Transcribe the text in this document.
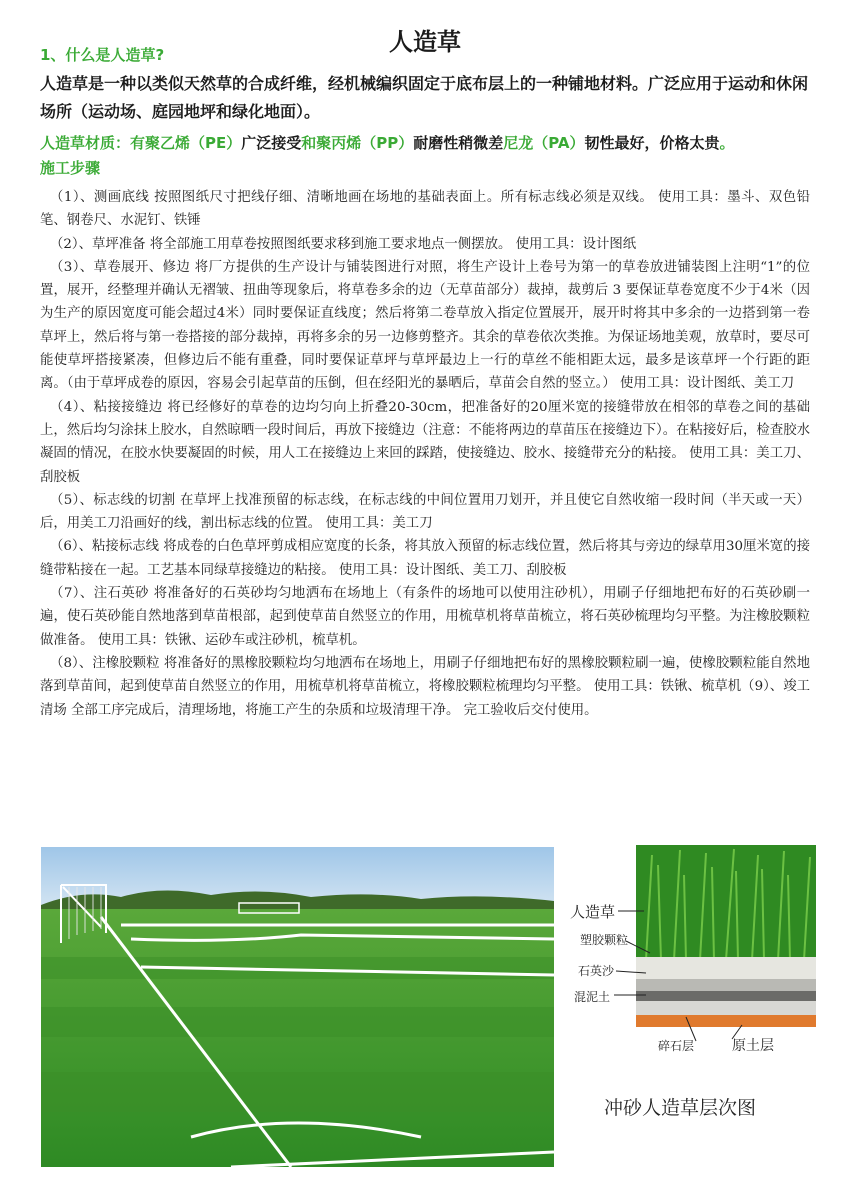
人造草
1、什么是人造草?
人造草是一种以类似天然草的合成纤维，经机械编织固定于底布层上的一种铺地材料。广泛应用于运动和休闲场所（运动场、庭园地坪和绿化地面）。
人造草材质：有聚乙烯（PE）广泛接受和聚丙烯（PP）耐磨性稍微差尼龙（PA）韧性最好，价格太贵。
施工步骤

（1）、测画底线 按照图纸尺寸把线仔细、清晰地画在场地的基础表面上。所有标志线必须是双线。 使用工具：墨斗、双色铅笔、钢卷尺、水泥钉、铁锤

（2）、草坪准备 将全部施工用草卷按照图纸要求移到施工要求地点一侧摆放。 使用工具：设计图纸

（3）、草卷展开、修边 将厂方提供的生产设计与铺装图进行对照，将生产设计上卷号为第一的草卷放进铺装图上注明“1”的位置，展开，经整理并确认无褶皱、扭曲等现象后，将草卷多余的边（无草苗部分）裁掉，裁剪后 3 要保证草卷宽度不少于4米（因为生产的原因宽度可能会超过4米）同时要保证直线度；然后将第二卷草放入指定位置展开，展开时将其中多余的一边搭到第一卷草坪上，然后将与第一卷搭接的部分裁掉，再将多余的另一边修剪整齐。其余的草卷依次类推。为保证场地美观，放草时，要尽可能使草坪搭接紧凑，但修边后不能有重叠，同时要保证草坪与草坪最边上一行的草丝不能相距太远，最多是该草坪一个行距的距离。（由于草坪成卷的原因，容易会引起草苗的压倒，但在经阳光的暴晒后，草苗会自然的竖立。） 使用工具：设计图纸、美工刀

（4）、粘接接缝边 将已经修好的草卷的边均匀向上折叠20-30cm，把准备好的20厘米宽的接缝带放在相邻的草卷之间的基础上，然后均匀涂抹上胶水，自然晾晒一段时间后，再放下接缝边（注意：不能将两边的草苗压在接缝边下）。在粘接好后，检查胶水凝固的情况，在胶水快要凝固的时候，用人工在接缝边上来回的踩踏，使接缝边、胶水、接缝带充分的粘接。 使用工具：美工刀、刮胶板

（5）、标志线的切割 在草坪上找准预留的标志线，在标志线的中间位置用刀划开，并且使它自然收缩一段时间（半天或一天）后，用美工刀沿画好的线，割出标志线的位置。 使用工具：美工刀

（6）、粘接标志线 将成卷的白色草坪剪成相应宽度的长条，将其放入预留的标志线位置，然后将其与旁边的绿草用30厘米宽的接缝带粘接在一起。工艺基本同绿草接缝边的粘接。 使用工具：设计图纸、美工刀、刮胶板

（7）、注石英砂 将准备好的石英砂均匀地洒布在场地上（有条件的场地可以使用注砂机），用刷子仔细地把布好的石英砂刷一遍，使石英砂能自然地落到草苗根部，起到使草苗自然竖立的作用，用梳草机将草苗梳立，将石英砂梳理均匀平整。为注橡胶颗粒做准备。 使用工具：铁锹、运砂车或注砂机，梳草机。

（8）、注橡胶颗粒 将准备好的黑橡胶颗粒均匀地洒布在场地上，用刷子仔细地把布好的黑橡胶颗粒刷一遍，使橡胶颗粒能自然地落到草苗间，起到使草苗自然竖立的作用，用梳草机将草苗梳立，将橡胶颗粒梳理均匀平整。 使用工具：铁锹、梳草机（9）、竣工清场 全部工序完成后，清理场地，将施工产生的杂质和垃圾清理干净。 完工验收后交付使用。

人造草
塑胶颗粒
石英沙
混泥土
碎石层	原土层
冲砂人造草层次图
